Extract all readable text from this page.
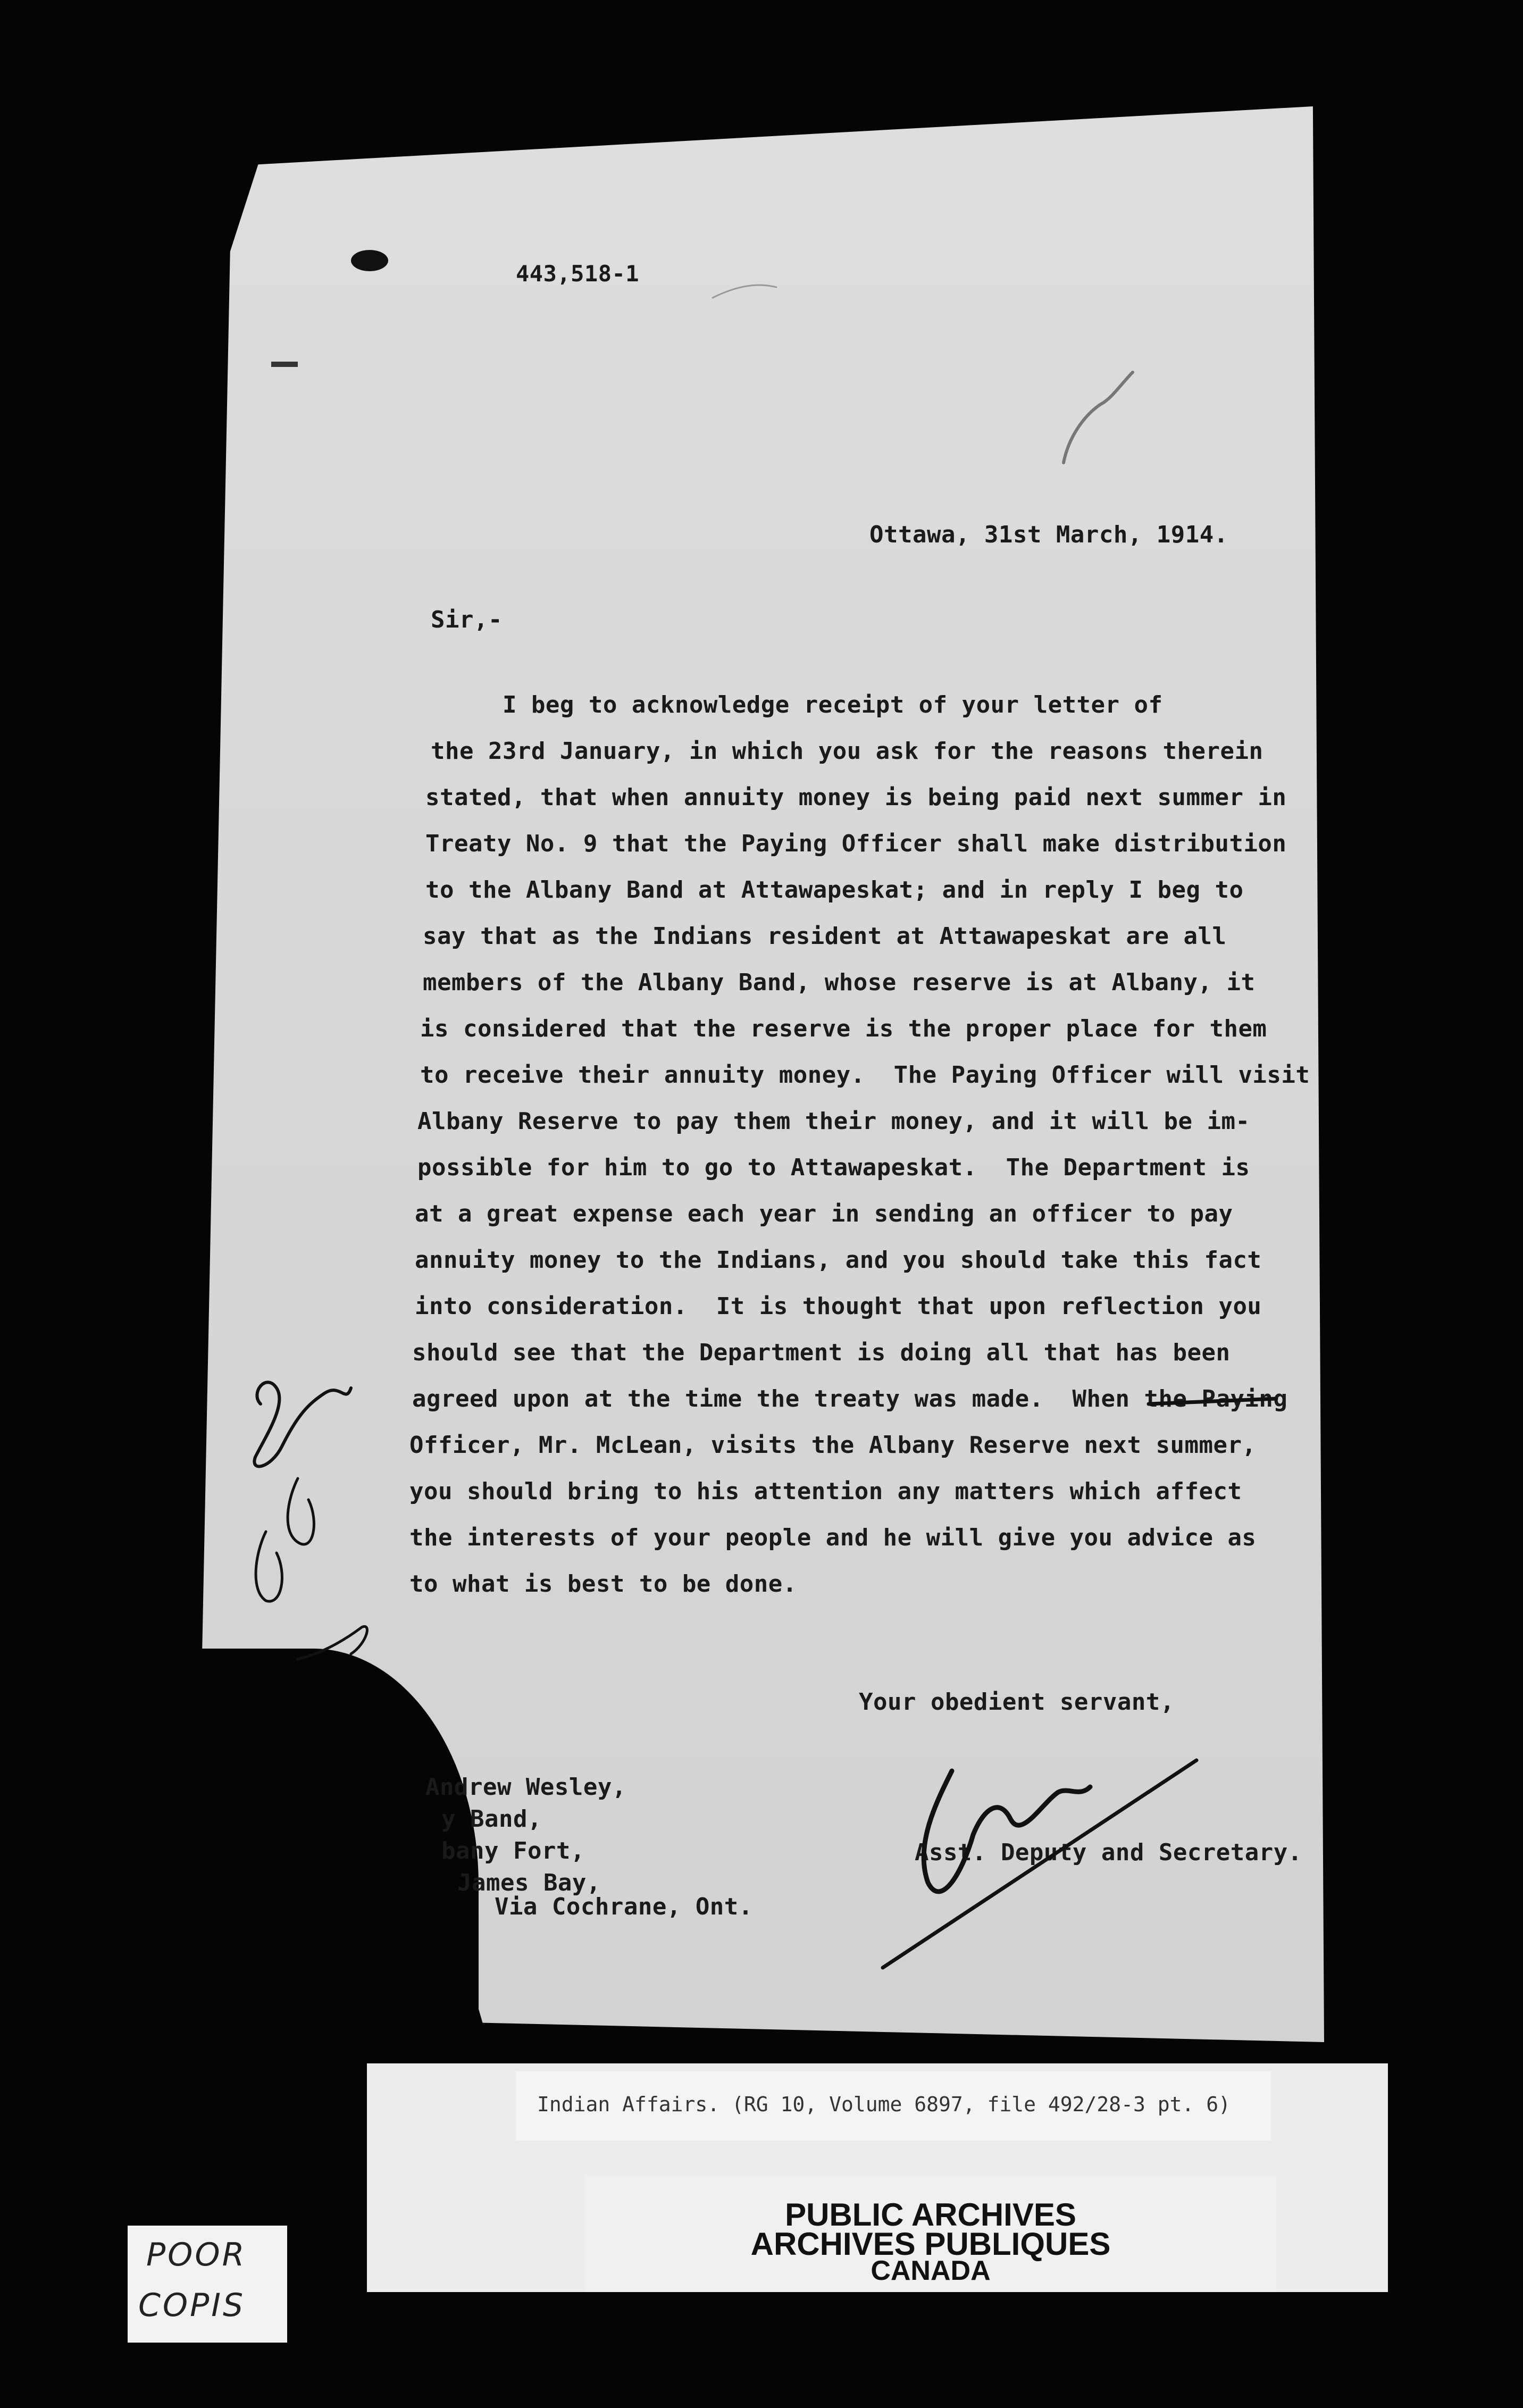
443,518-1
Ottawa, 31st March, 1914.
Sir,-
I beg to acknowledge receipt of your letter of
the 23rd January, in which you ask for the reasons therein
stated, that when annuity money is being paid next summer in
Treaty No. 9 that the Paying Officer shall make distribution
to the Albany Band at Attawapeskat; and in reply I beg to
say that as the Indians resident at Attawapeskat are all
members of the Albany Band, whose reserve is at Albany, it
is considered that the reserve is the proper place for them
to receive their annuity money.  The Paying Officer will visit
Albany Reserve to pay them their money, and it will be im-
possible for him to go to Attawapeskat.  The Department is
at a great expense each year in sending an officer to pay
annuity money to the Indians, and you should take this fact
into consideration.  It is thought that upon reflection you
should see that the Department is doing all that has been
agreed upon at the time the treaty was made.  When the Paying
Officer, Mr. McLean, visits the Albany Reserve next summer,
you should bring to his attention any matters which affect
the interests of your people and he will give you advice as
to what is best to be done.
Your obedient servant,
Andrew Wesley,
y Band,
bany Fort,
James Bay,
Via Cochrane, Ont.
Asst. Deputy and Secretary.
Indian Affairs. (RG 10, Volume 6897, file 492/28-3 pt. 6)
PUBLIC ARCHIVES
ARCHIVES PUBLIQUES
CANADA
POOR
COPIS
